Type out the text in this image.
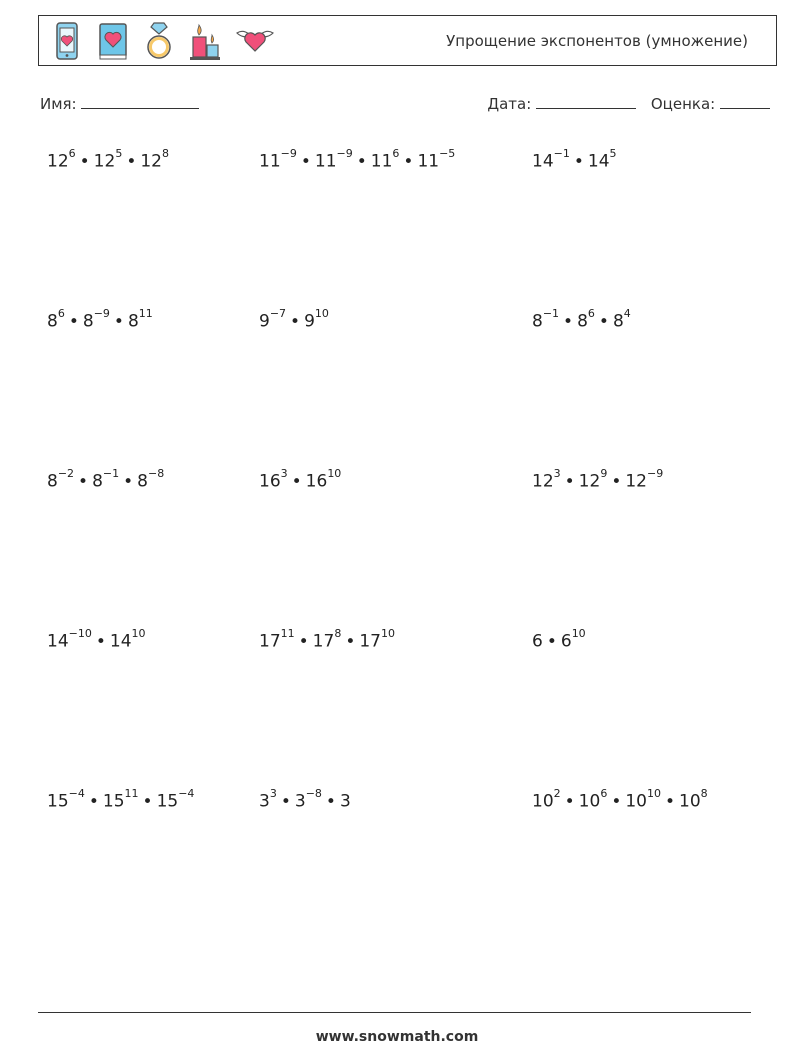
Упрощение экспонентов (умножение)
Имя:	Дата:	Оценка:
$12^6$ • $12^5$ • $12^8$	$11^{-9}$ • $11^{-9}$ • $11^6$ • $11^{-5}$	$14^{-1}$ • $14^5$
$8^6$ • $8^{-9}$ • $8^{11}$	$9^{-7}$ • $9^{10}$	$8^{-1}$ • $8^6$ • $8^4$
$8^{-2}$ • $8^{-1}$ • $8^{-8}$	$16^3$ • $16^{10}$	$12^3$ • $12^9$ • $12^{-9}$
$14^{-10}$ • $14^{10}$	$17^{11}$ • $17^8$ • $17^{10}$	6 • $6^{10}$
$15^{-4}$ • $15^{11}$ • $15^{-4}$	$3^3$ • $3^{-8}$ • 3	$10^2$ • $10^6$ • $10^{10}$ • $10^8$
www.snowmath.com
